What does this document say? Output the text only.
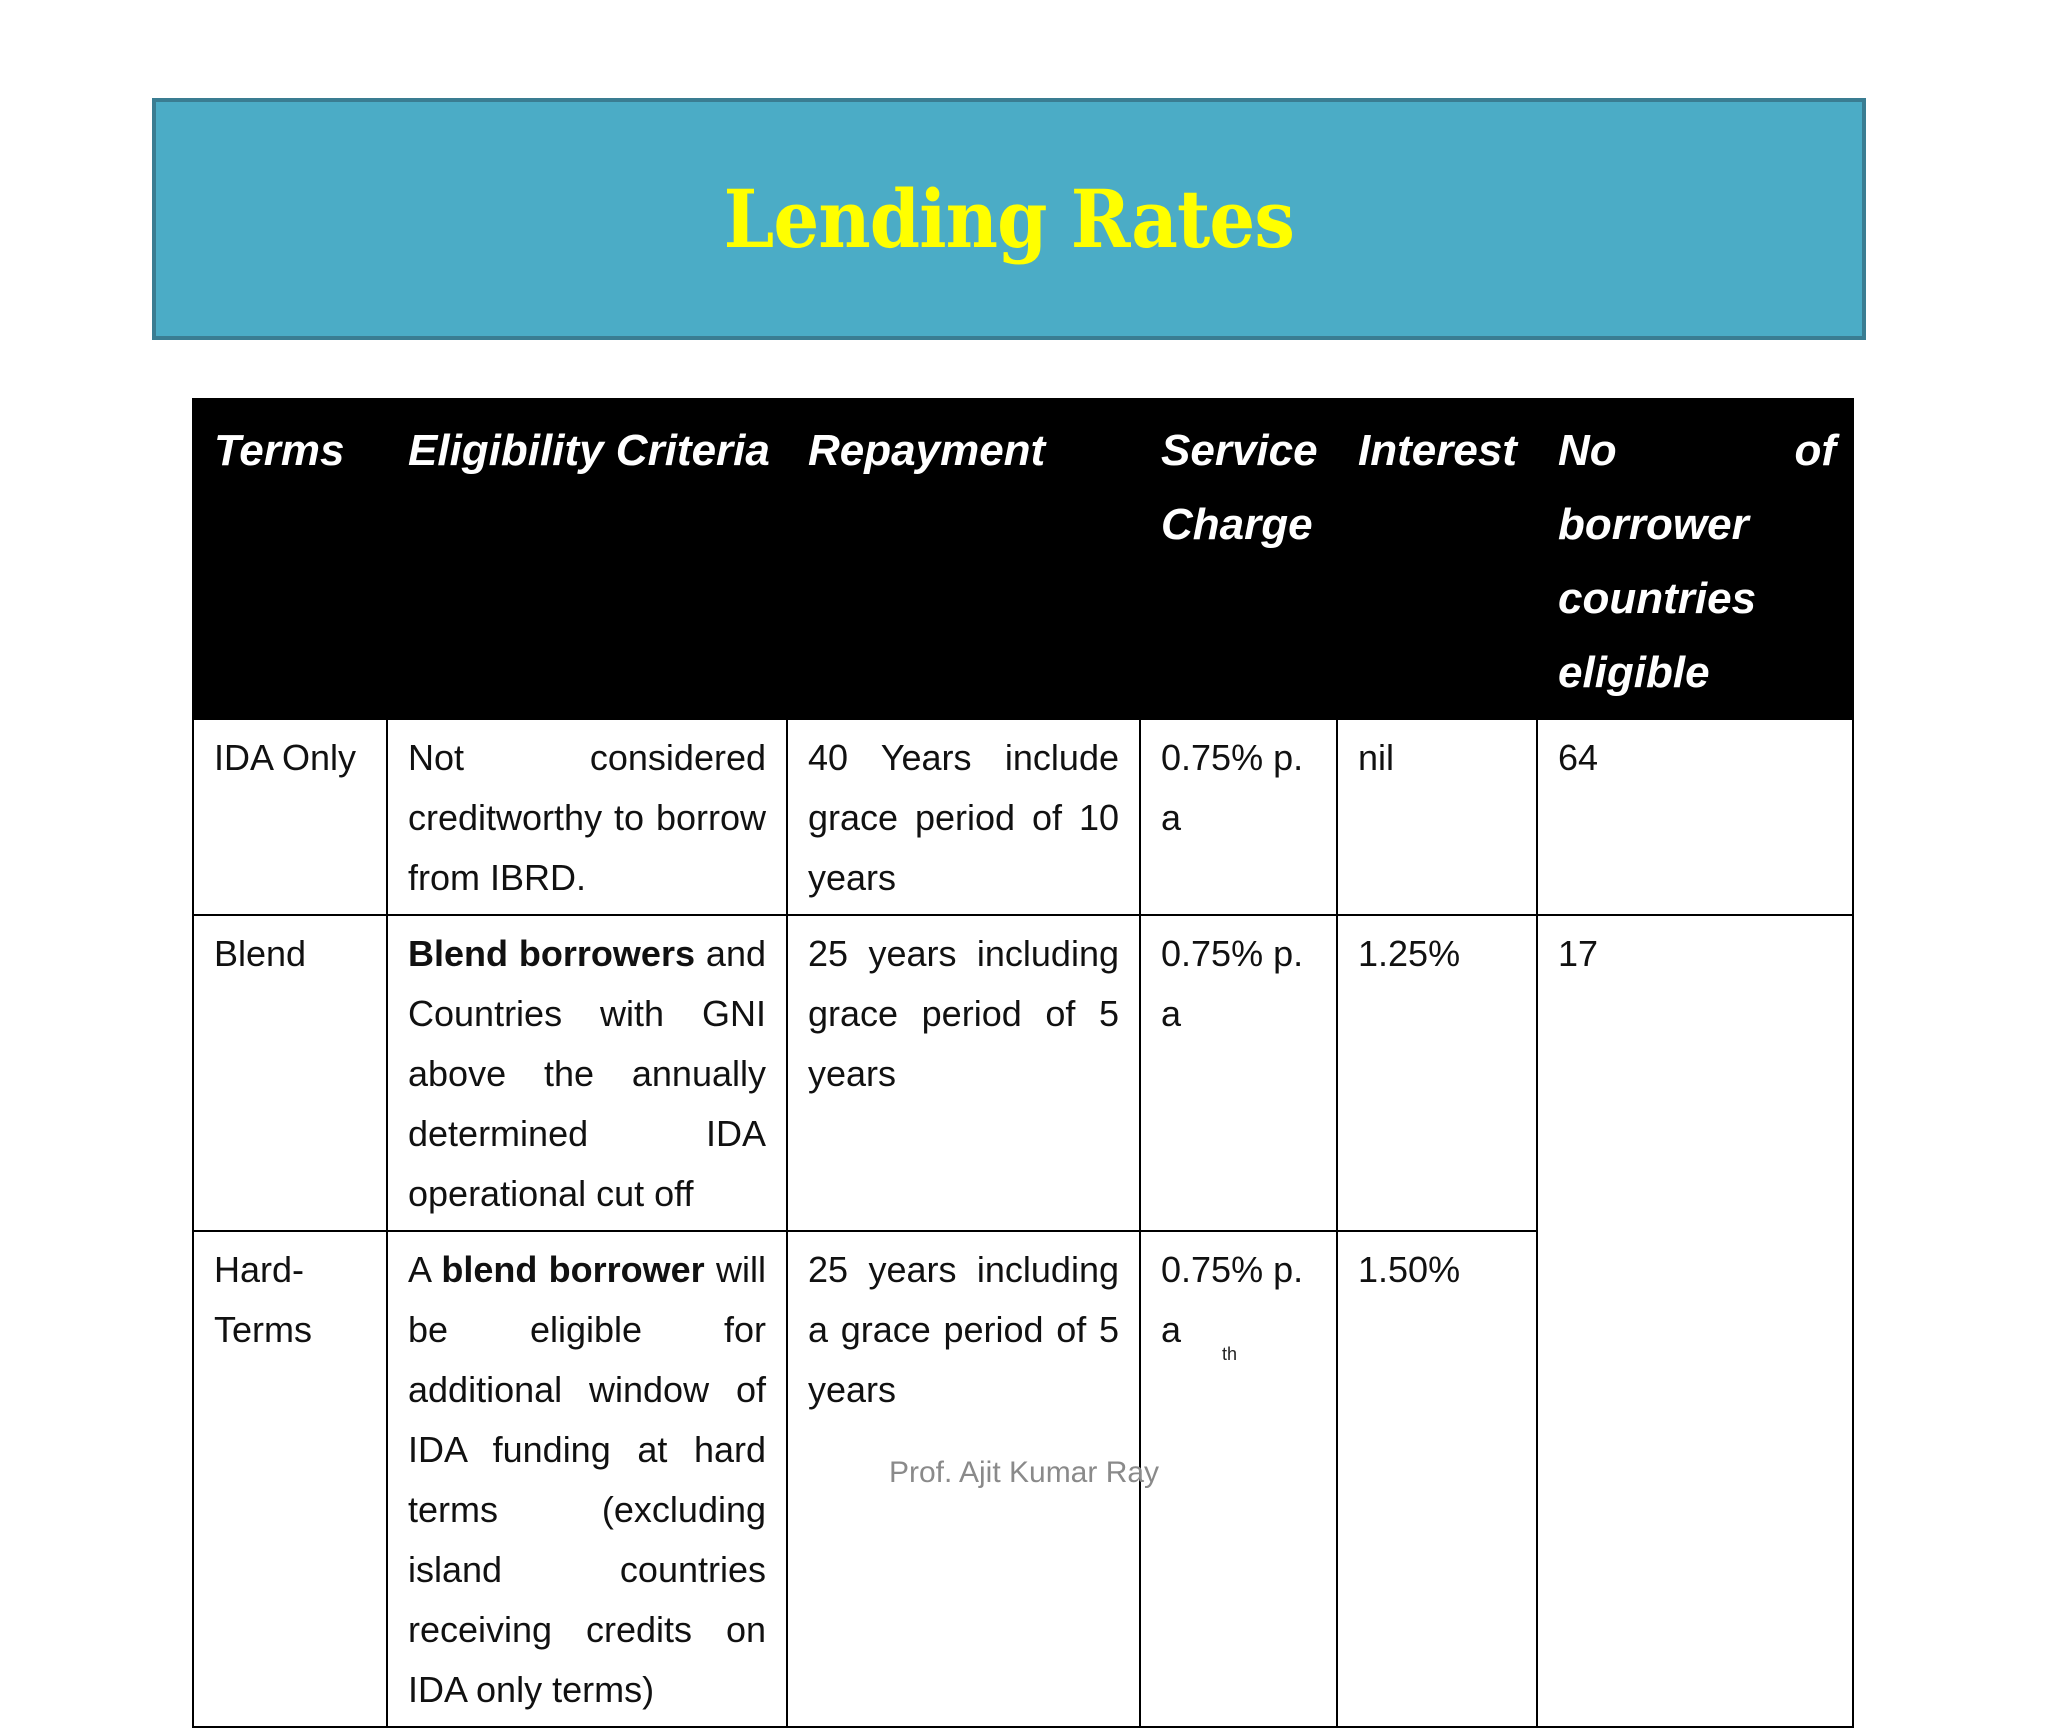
Lending Rates
Terms	Eligibility Criteria	Repayment	Service Charge	Interest	No of borrower countries eligible
IDA Only	Not considered creditworthy to borrow from IBRD.	40 Years include grace period of 10 years	0.75% p. a	nil	64
Blend	Blend borrowers and Countries with GNI above the annually determined IDA operational cut off	25 years including grace period of 5 years	0.75% p. a	1.25%	17
Hard-Terms	A blend borrower will be eligible for additional window of IDA funding at hard terms (excluding island countries receiving credits on IDA only terms)	25 years including a grace period of 5 years	0.75% p. a	1.50%	
th
Prof. Ajit Kumar Ray
